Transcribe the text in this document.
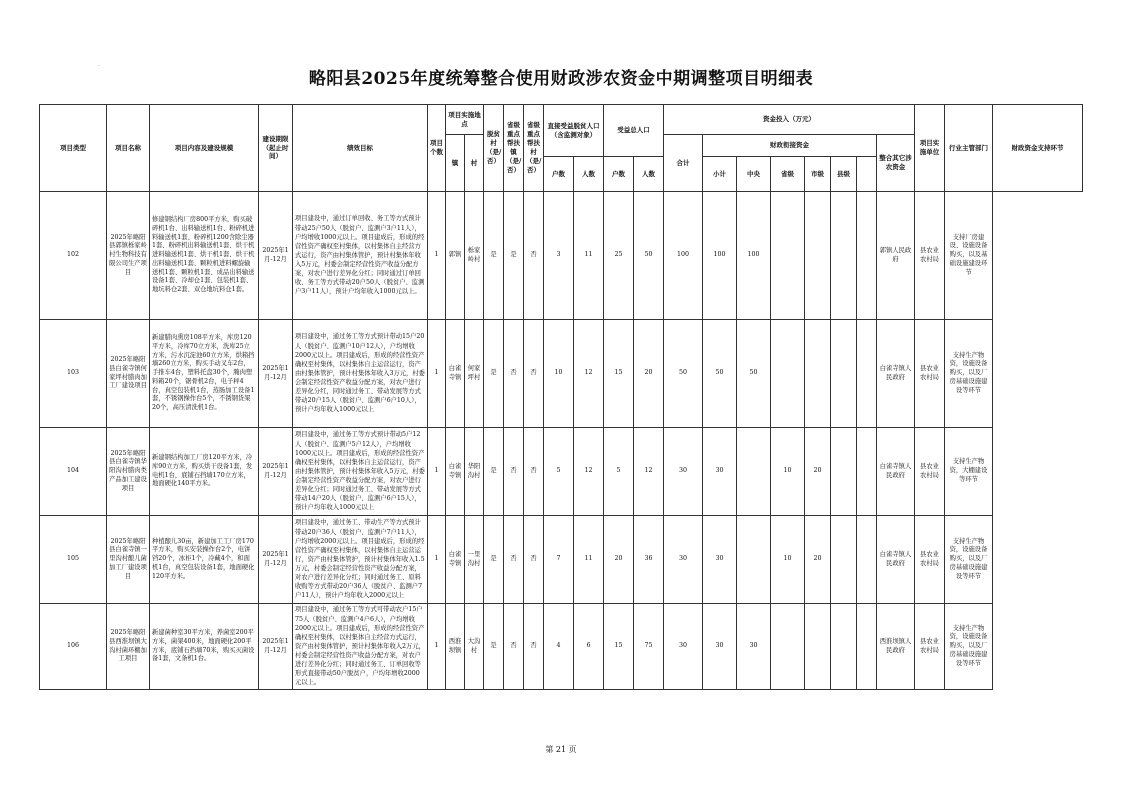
·
略阳县2025年度统筹整合使用财政涉农资金中期调整项目明细表
项目类型	项目名称	项目内容及建设规模	建设期限（起止时间）	绩效目标	项目个数	项目实施地点		脱贫村（是/否）	省级重点帮扶镇（是/否）	省级重点帮扶村（是/否）	直接受益脱贫人口（含监测对象）		受益总人口		资金投入（万元）								项目实施单位	行业主管部门	财政资金支持环节
						镇	村								合计	财政衔接资金						整合其它涉农资金			
											户数	人数	户数	人数		小计	中央	省级	市级	县级					
102	2025年略阳县郭镇栎家岭村生物科技有限公司生产项目	修建钢结构厂房800平方米，购买破碎机1台、出料输送机1台、粉碎机进料输送机1套、粉碎机1200含除尘器1套、粉碎机出料输送机1套、烘干机进料输送机1套、烘干机1套、烘干机出料输送机1套、颗粒机进料螺旋输送机1套、颗粒机1套、成品出料输送设备1套、冷却仓1套、包装机1套、地坑料仓2套、双仓地坑料仓1套。	2025年1月-12月	项目建设中，通过订单回收、务工等方式预计带动25户50人（脱贫户、监测户3户11人），户均增收1000元以上。项目建成后，形成的经营性资产确权至村集体，以村集体自主经营方式运行，资产由村集体管护，预计村集体年收入5万元，村委会制定经营性资产收益分配方案，对农户进行差异化分红；同时通过订单回收、务工等方式带动20户50人（脱贫户、监测户3户11人），预计户均年收入1000元以上。	1	郭镇	栎家岭村	是	是	否	3	11	25	50	100	100	100					郭镇人民政府	县农业农村局	支持厂房建设、设施设备购买，以及基础设施建设环节	
103	2025年略阳县白雀寺镇何家坪村腊肉加工厂建设项目	新建腊肉熏房108平方米，库房120平方米，冷库70立方米，洗库25立方米，污水沉淀池60立方米，烘箱挡墙260立方米，购买手动叉车2台，手推车4台，塑料托盘30个，腌肉塑料箱20个，锯骨机2台，电子秤4台，真空包装机1台，蒸肠加工设备1套，不锈钢操作台5个，不锈钢货架20个，高压清洗机1台。	2025年1月-12月	项目建设中，通过务工等方式预计带动15户20人（脱贫户、监测户10户12人），户均增收2000元以上。项目建成后，形成的经营性资产确权至村集体，以村集体自主运营运行，资产由村集体管护，预计村集体年收入3万元，村委会制定经营性资产收益分配方案，对农户进行差异化分红，同时通过务工、带动发展等方式带动20户15人（脱贫户、监测户6户10人），预计户均年收入1000元以上	1	白雀寺镇	何家坪村	是	否	否	10	12	15	20	50	50	50					白雀寺镇人民政府	县农业农村局	支持生产物资，设施设备购买，以及厂房基础设施建设等环节	
104	2025年略阳县白雀寺镇华阳沟村腊肉类产品加工建设项目	新建钢结构加工厂房120平方米，冷库90立方米，购买烘干设备1套，发电机1台，底铺石挡墙170立方米，地面硬化140平方米。	2025年1月-12月	项目建设中，通过务工等方式预计带动5户12人（脱贫户、监测户5户12人），户均增收1000元以上。项目建成后，形成的经营性资产确权至村集体，以村集体自主运营运行，资产由村集体管护，预计村集体年收入5万元，村委会制定经营性资产收益分配方案，对农户进行差异化分红；同时通过务工、带动发展等方式带动14户20人（脱贫户、监测户6户15人），预计户均年收入1000元以上	1	白雀寺镇	华阳沟村	是	否	否	5	12	5	12	30	30		10	20			白雀寺镇人民政府	县农业农村局	支持生产物资，大棚建设等环节	
105	2025年略阳县白雀寺镇一里沟村酿儿菌加工厂建设项目	种植酿儿30亩，新建加工工厂房170平方米，购买安装操作台2个，电饼铛20个，冰柜1个，冷藏4个，和面机1台，真空包装设备1套，地面硬化120平方米。	2025年1月-12月	项目建设中，通过务工、带动生产等方式预计带动20户36人（脱贫户、监测户7户11人），户均增收2000元以上。项目建成后，形成的经营性资产确权至村集体，以村集体自主运营运行，资产由村集体管护，预计村集体年收入1.5万元，村委会制定经营性资产收益分配方案，对农户进行差异化分红；同时通过务工、原料收购等方式带动20户36人（脱贫户、监测户7户11人），预计户均年收入2000元以上	1	白雀寺镇	一里沟村	是	否	否	7	11	20	36	30	30		10	20			白雀寺镇人民政府	县农业农村局	支持生产物资，设施设备购买，以及厂房基础设施建设等环节	
106	2025年略阳县西淮坝镇大沟村菌环棚加工项目	新建菌种室30平方米，养菌室200平方米，菌架400米，地面硬化200平方米，底铺石挡墙70米，购买灭菌设备1套，文条机1台。	2025年1月-12月	项目建设中，通过务工等方式可带动农户15户75人（脱贫户、监测户4户6人），户均增收2000元以上。项目建成后，形成的经营性资产确权至村集体，以村集体自主经营方式运行，资产由村集体管护，预计村集体年收入2万元，村委会制定经营性资产收益分配方案，对农户进行差异化分红；同时通过务工、订单回收等形式直接带动50户脱贫户，户均年增收2000元以上。	1	西淮坝镇	大沟村	是	否	否	4	6	15	75	30	30	30					西淮坝镇人民政府	县农业农村局	支持生产物资，设施设备购买，以及厂房基础设施建设等环节	
第 21 页
